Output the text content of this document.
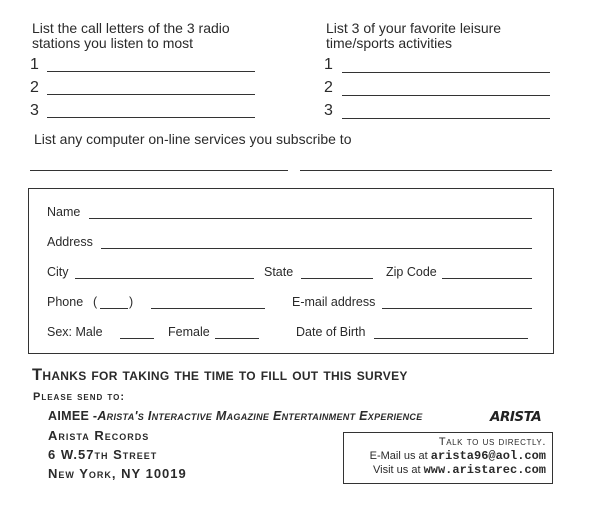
List the call letters of the 3 radio
stations you listen to most
1
2
3
List 3 of your favorite leisure
time/sports activities
1
2
3
List any computer on-line services you subscribe to
Name
Address
City	State	Zip Code
Phone (	)	E-mail address
Sex: Male	Female	Date of Birth
Thanks for taking the time to fill out this survey
Please send to:
AIMEE -Arista's Interactive Magazine Entertainment Experience
Arista Records
6 W.57th Street
New York, NY 10019
ARISTA
Talk to us directly.
E-Mail us at arista96@aol.com
Visit us at www.aristarec.com
